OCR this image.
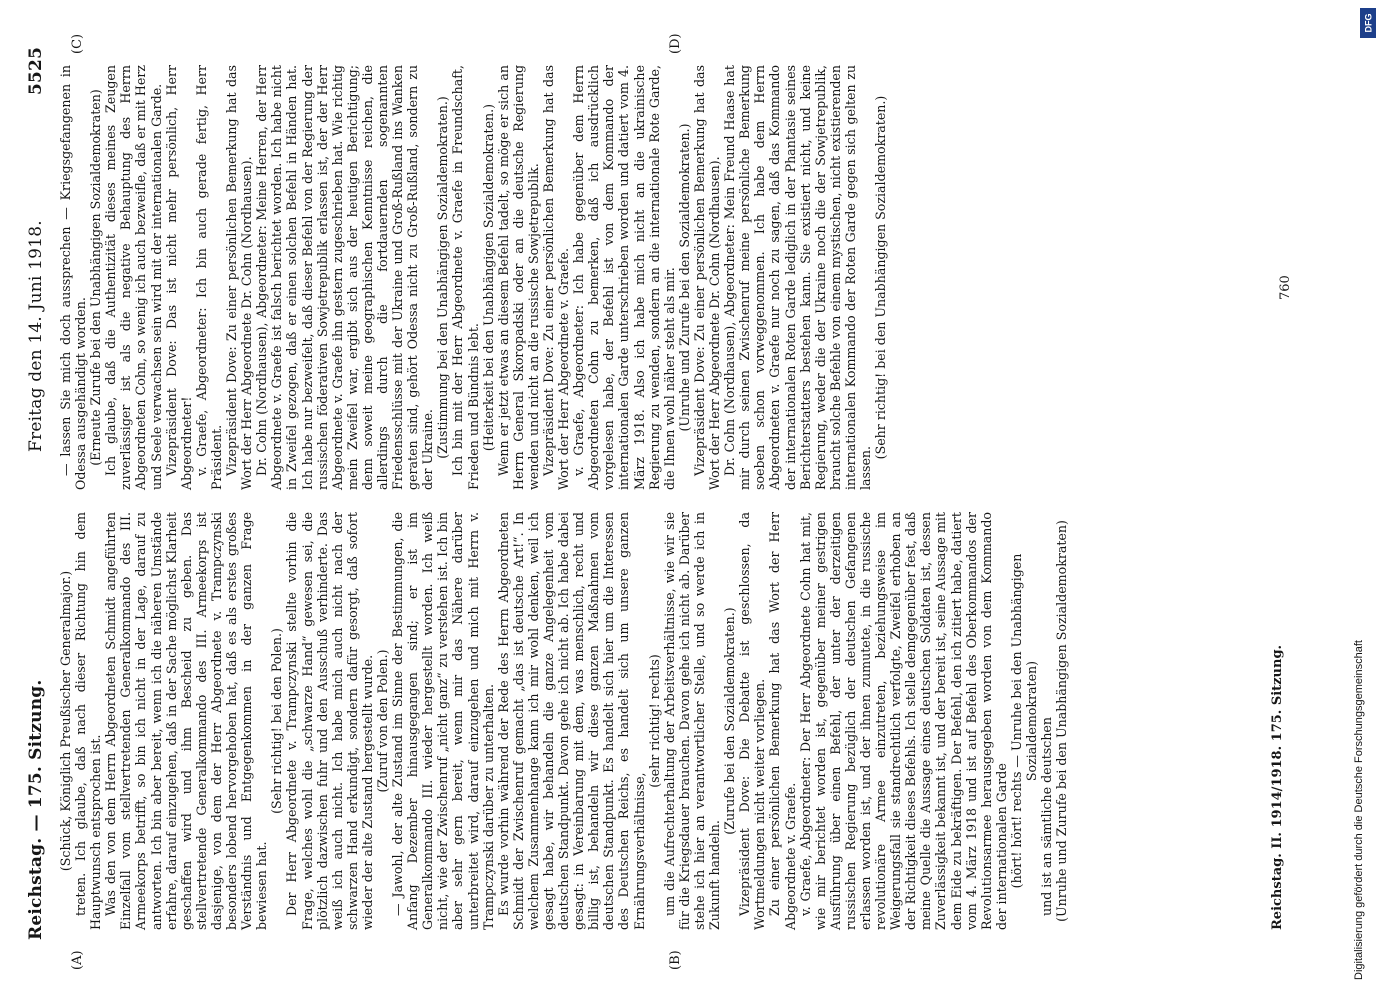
Reichstag. — 175. Sitzung.
Freitag den 14. Juni 1918.
5525
(A)	(B)
(C)	(D)

(Schück, Königlich Preußischer Generalmajor.) treten. Ich glaube, daß nach dieser Richtung hin dem Hauptwunsch entsprochen ist. Was den von dem Herrn Abgeordneten Schmidt angeführten Einzelfall vom stellvertretenden Generalkommando des III. Armeekorps betrifft, so bin ich nicht in der Lage, darauf zu antworten. Ich bin aber bereit, wenn ich die näheren Umstände erfahre, darauf einzugehen, daß in der Sache möglichst Klarheit geschaffen wird und ihm Bescheid zu geben. Das stellvertretende Generalkommando des III. Armeekorps ist dasjenige, von dem der Herr Abgeordnete v. Trampczynski besonders lobend hervorgehoben hat, daß es als erstes großes Verständnis und Entgegenkommen in der ganzen Frage bewiesen hat.

(Sehr richtig! bei den Polen.) Der Herr Abgeordnete v. Trampczynski stellte vorhin die Frage, welches wohl die „schwarze Hand“ gewesen sei, die plötzlich dazwischen fuhr und den Ausschuß verhinderte. Das weiß ich auch nicht. Ich habe mich auch nicht nach der schwarzen Hand erkundigt, sondern dafür gesorgt, daß sofort wieder der alte Zustand hergestellt wurde. (Zuruf von den Polen.) — Jawohl, der alte Zustand im Sinne der Bestimmungen, die Anfang Dezember hinausgegangen sind; er ist im Generalkommando III. wieder hergestellt worden. Ich weiß nicht, wie der Zwischenruf „nicht ganz“ zu verstehen ist. Ich bin aber sehr gern bereit, wenn mir das Nähere darüber unterbreitet wird, darauf einzugehen und mich mit Herrn v. Trampczynski darüber zu unterhalten. Es wurde vorhin während der Rede des Herrn Abgeordneten Schmidt der Zwischenruf gemacht „das ist deutsche Art!“. In welchem Zusammenhange kann ich mir wohl denken, weil ich gesagt habe, wir behandeln die ganze Angelegenheit vom deutschen Standpunkt. Davon gehe ich nicht ab. Ich habe dabei gesagt: in Vereinbarung mit dem, was menschlich, recht und billig ist, behandeln wir diese ganzen Maßnahmen vom deutschen Standpunkt. Es handelt sich hier um die Interessen des Deutschen Reichs, es handelt sich um unsere ganzen Ernährungsverhältnisse,

(sehr richtig! rechts) um die Aufrechterhaltung der Arbeitsverhältnisse, wie wir sie für die Kriegsdauer brauchen. Davon gehe ich nicht ab. Darüber stehe ich hier an verantwortlicher Stelle, und so werde ich in Zukunft handeln.

(Zurufe bei den Sozialdemokraten.) Vizepräsident Dove: Die Debatte ist geschlossen, da Wortmeldungen nicht weiter vorliegen. Zu einer persönlichen Bemerkung hat das Wort der Herr Abgeordnete v. Graefe. v. Graefe, Abgeordneter: Der Herr Abgeordnete Cohn hat mit, wie mir berichtet worden ist, gegenüber meiner gestrigen Ausführung über einen Befehl, der unter der derzeitigen russischen Regierung bezüglich der deutschen Gefangenen erlassen worden ist, und der ihnen zumutete, in die russische revolutionäre Armee einzutreten, beziehungsweise im Weigerungsfall sie standrechtlich verfolgte, Zweifel erhoben an der Richtigkeit dieses Befehls. Ich stelle demgegenüber fest, daß meine Quelle die Aussage eines deutschen Soldaten ist, dessen Zuverlässigkeit bekannt ist, und der bereit ist, seine Aussage mit dem Eide zu bekräftigen. Der Befehl, den ich zitiert habe, datiert vom 4. März 1918 und ist auf Befehl des Oberkommandos der Revolutionsarmee herausgegeben worden von dem Kommando der internationalen Garde (hört! hört! rechts — Unruhe bei den Unabhängigen Sozialdemokraten) und ist an sämtliche deutschen (Unruhe und Zurufe bei den Unabhängigen Sozialdemokraten)

— lassen Sie mich doch aussprechen — Kriegsgefangenen in Odessa ausgehändigt worden. (Erneute Zurufe bei den Unabhängigen Sozialdemokraten) Ich glaube, daß die Authentizität dieses meines Zeugen zuverlässiger ist als die negative Behauptung des Herrn Abgeordneten Cohn, so wenig ich auch bezweifle, daß er mit Herz und Seele verwachsen sein wird mit der internationalen Garde. Vizepräsident Dove: Das ist nicht mehr persönlich, Herr Abgeordneter! v. Graefe, Abgeordneter: Ich bin auch gerade fertig, Herr Präsident. Vizepräsident Dove: Zu einer persönlichen Bemerkung hat das Wort der Herr Abgeordnete Dr. Cohn (Nordhausen). Dr. Cohn (Nordhausen), Abgeordneter: Meine Herren, der Herr Abgeordnete v. Graefe ist falsch berichtet worden. Ich habe nicht in Zweifel gezogen, daß er einen solchen Befehl in Händen hat. Ich habe nur bezweifelt, daß dieser Befehl von der Regierung der russischen föderativen Sowjetrepublik erlassen ist, der der Herr Abgeordnete v. Graefe ihn gestern zugeschrieben hat. Wie richtig mein Zweifel war, ergibt sich aus der heutigen Berichtigung; denn soweit meine geographischen Kenntnisse reichen, die allerdings durch die fortdauernden sogenannten Friedensschlüsse mit der Ukraine und Groß-Rußland ins Wanken geraten sind, gehört Odessa nicht zu Groß-Rußland, sondern zu der Ukraine. (Zustimmung bei den Unabhängigen Sozialdemokraten.) Ich bin mit der Herr Abgeordnete v. Graefe in Freundschaft, Frieden und Bündnis lebt. (Heiterkeit bei den Unabhängigen Sozialdemokraten.) Wenn er jetzt etwas an diesem Befehl tadelt, so möge er sich an Herrn General Skoropadski oder an die deutsche Regierung wenden und nicht an die russische Sowjetrepublik. Vizepräsident Dove: Zu einer persönlichen Bemerkung hat das Wort der Herr Abgeordnete v. Graefe. v. Graefe, Abgeordneter: Ich habe gegenüber dem Herrn Abgeordneten Cohn zu bemerken, daß ich ausdrücklich vorgelesen habe, der Befehl ist von dem Kommando der internationalen Garde unterschrieben worden und datiert vom 4. März 1918. Also ich habe mich nicht an die ukrainische Regierung zu wenden, sondern an die internationale Rote Garde, die Ihnen wohl näher steht als mir. (Unruhe und Zurufe bei den Sozialdemokraten.) Vizepräsident Dove: Zu einer persönlichen Bemerkung hat das Wort der Herr Abgeordnete Dr. Cohn (Nordhausen). Dr. Cohn (Nordhausen), Abgeordneter: Mein Freund Haase hat mir durch seinen Zwischenruf meine persönliche Bemerkung soeben schon vorweggenommen. Ich habe dem Herrn Abgeordneten v. Graefe nur noch zu sagen, daß das Kommando der internationalen Roten Garde lediglich in der Phantasie seines Berichterstatters bestehen kann. Sie existiert nicht, und keine Regierung, weder die der Ukraine noch die der Sowjetrepublik, braucht solche Befehle von einem mystischen, nicht existierenden internationalen Kommando der Roten Garde gegen sich gelten zu lassen.

(Sehr richtig! bei den Unabhängigen Sozialdemokraten.)

Reichstag. II. 1914/1918. 175. Sitzung.
760
DFG
Digitalisierung gefördert durch die Deutsche Forschungsgemeinschaft
